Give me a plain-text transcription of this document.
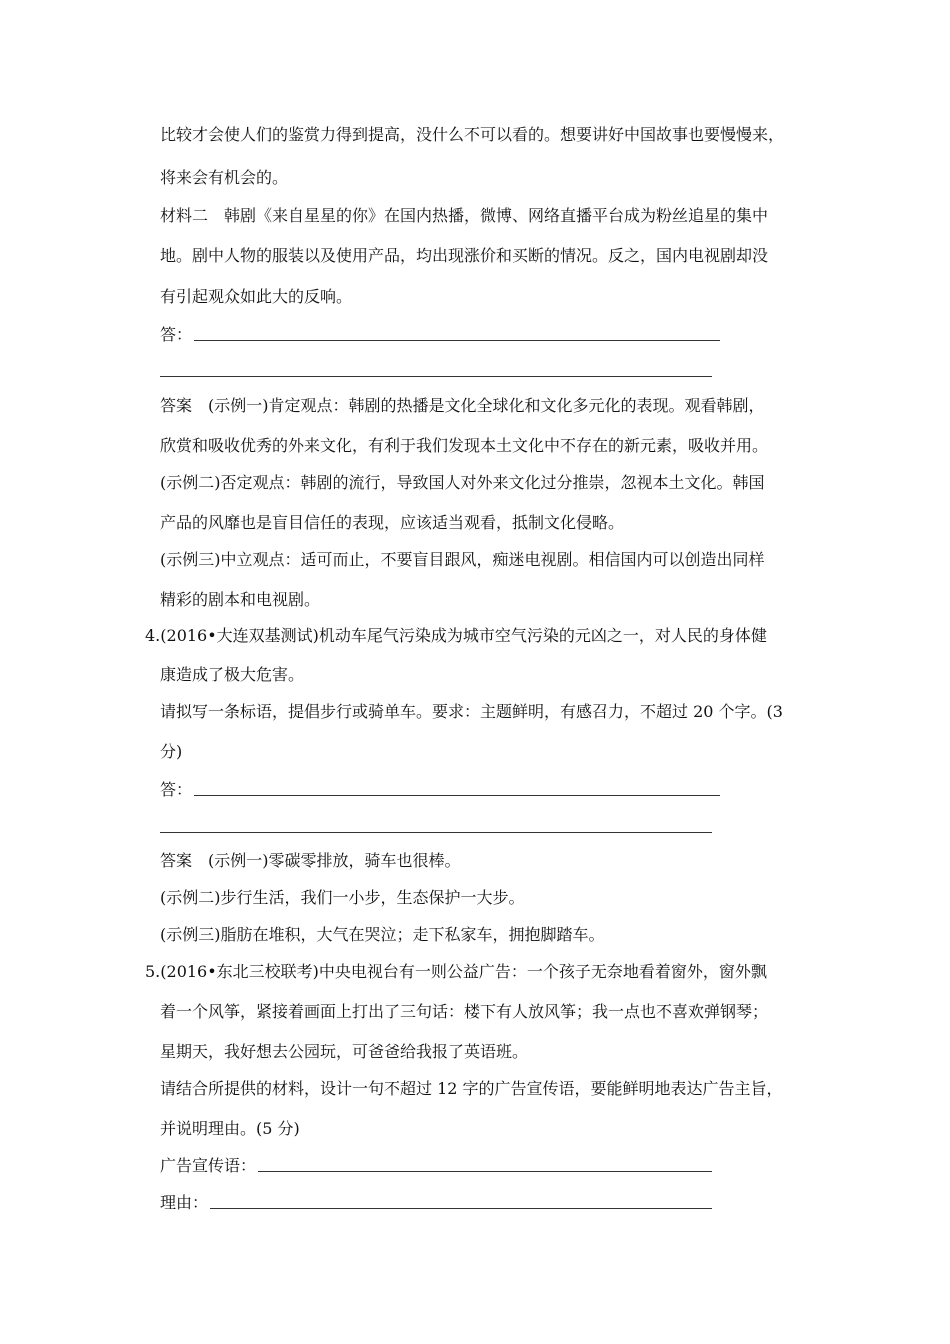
比较才会使人们的鉴赏力得到提高，没什么不可以看的。想要讲好中国故事也要慢慢来，
将来会有机会的。
材料二　韩剧《来自星星的你》在国内热播，微博、网络直播平台成为粉丝追星的集中
地。剧中人物的服装以及使用产品，均出现涨价和买断的情况。反之，国内电视剧却没
有引起观众如此大的反响。
答：
答案　(示例一)肯定观点：韩剧的热播是文化全球化和文化多元化的表现。观看韩剧，
欣赏和吸收优秀的外来文化，有利于我们发现本土文化中不存在的新元素，吸收并用。
(示例二)否定观点：韩剧的流行，导致国人对外来文化过分推崇，忽视本土文化。韩国
产品的风靡也是盲目信任的表现，应该适当观看，抵制文化侵略。
(示例三)中立观点：适可而止，不要盲目跟风，痴迷电视剧。相信国内可以创造出同样
精彩的剧本和电视剧。
4.(2016•大连双基测试)机动车尾气污染成为城市空气污染的元凶之一，对人民的身体健
康造成了极大危害。
请拟写一条标语，提倡步行或骑单车。要求：主题鲜明，有感召力，不超过 20 个字。(3
分)
答：
答案　(示例一)零碳零排放，骑车也很棒。
(示例二)步行生活，我们一小步，生态保护一大步。
(示例三)脂肪在堆积，大气在哭泣；走下私家车，拥抱脚踏车。
5.(2016•东北三校联考)中央电视台有一则公益广告：一个孩子无奈地看着窗外，窗外飘
着一个风筝，紧接着画面上打出了三句话：楼下有人放风筝；我一点也不喜欢弹钢琴；
星期天，我好想去公园玩，可爸爸给我报了英语班。
请结合所提供的材料，设计一句不超过 12 字的广告宣传语，要能鲜明地表达广告主旨，
并说明理由。(5 分)
广告宣传语：
理由：
